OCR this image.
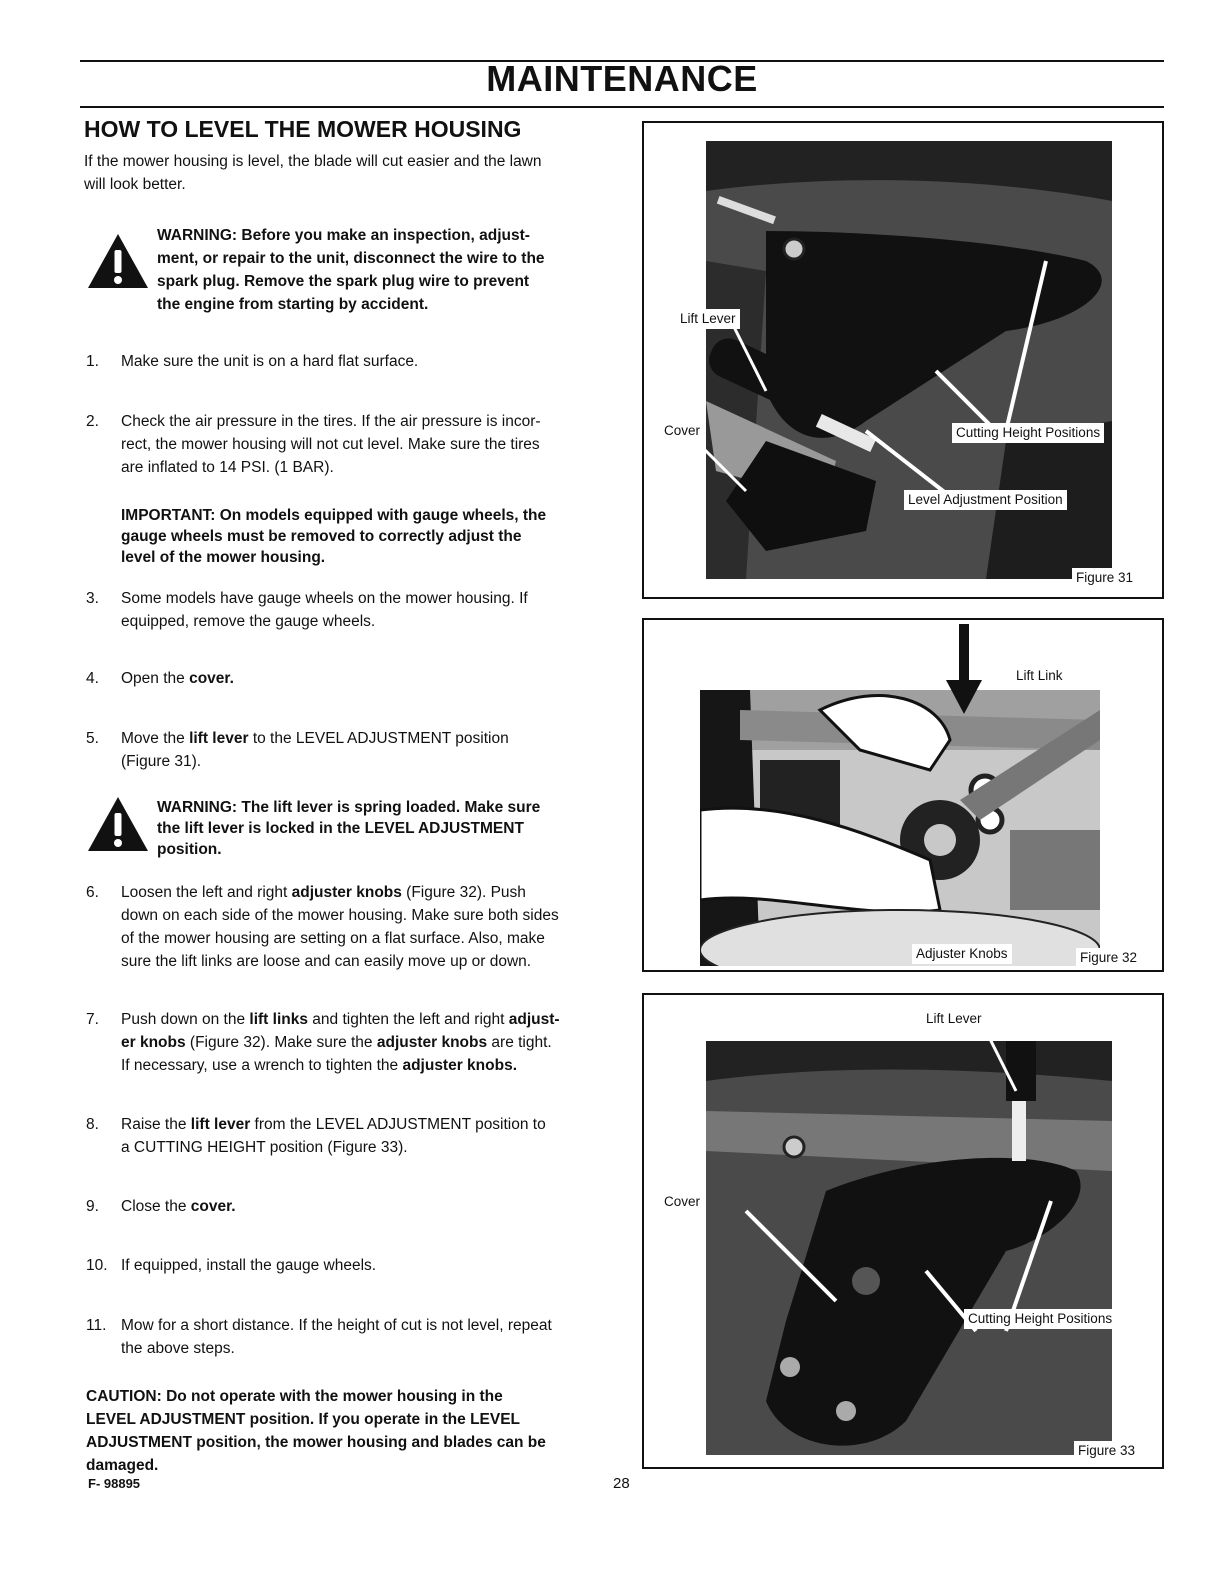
MAINTENANCE
HOW TO LEVEL THE MOWER HOUSING
If the mower housing is level, the blade will cut easier and the lawn
will look better.
WARNING: Before you make an inspection, adjust-
ment, or repair to the unit, disconnect the wire to the
spark plug. Remove the spark plug wire to prevent
the engine from starting by accident.
1. Make sure the unit is on a hard flat surface.
2. Check the air pressure in the tires. If the air pressure is incor-
rect, the mower housing will not cut level. Make sure the tires
are inflated to 14 PSI. (1 BAR).
IMPORTANT: On models equipped with gauge wheels, the
gauge wheels must be removed to correctly adjust the
level of the mower housing.
3. Some models have gauge wheels on the mower housing. If
equipped, remove the gauge wheels.
4. Open the cover.
5. Move the lift lever to the LEVEL ADJUSTMENT position
(Figure 31).
WARNING: The lift lever is spring loaded. Make sure
the lift lever is locked in the LEVEL ADJUSTMENT
position.
6. Loosen the left and right adjuster knobs (Figure 32). Push
down on each side of the mower housing. Make sure both sides
of the mower housing are setting on a flat surface. Also, make
sure the lift links are loose and can easily move up or down.
7. Push down on the lift links and tighten the left and right adjust-
er knobs (Figure 32). Make sure the adjuster knobs are tight.
If necessary, use a wrench to tighten the adjuster knobs.
8. Raise the lift lever from the LEVEL ADJUSTMENT position to
a CUTTING HEIGHT position (Figure 33).
9. Close the cover.
10. If equipped, install the gauge wheels.
11. Mow for a short distance. If the height of cut is not level, repeat
the above steps.
CAUTION: Do not operate with the mower housing in the
LEVEL ADJUSTMENT position. If you operate in the LEVEL
ADJUSTMENT position, the mower housing and blades can be
damaged.
Lift Lever
Cover	Cutting Height Positions
Level Adjustment Position
Figure 31
Lift Link
Adjuster Knobs	Figure 32
Lift Lever
Cover
Cutting Height Positions
Figure 33
F- 98895	28
